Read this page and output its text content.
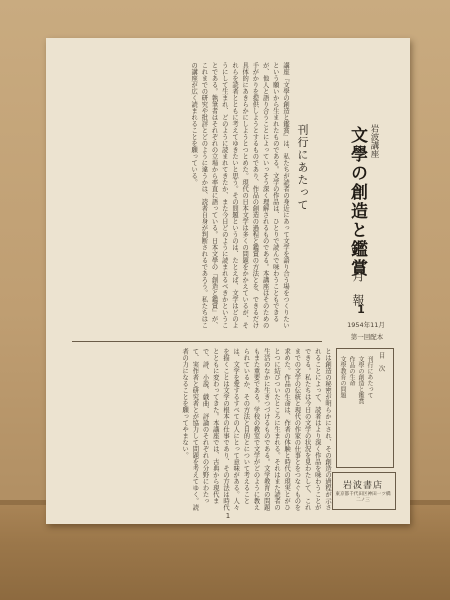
岩波講座
文學の創造と鑑賞
月　報
1
1954年11月
第一回配本
刊行にあたって
講座『文學の創造と鑑賞』は、私たちが読者の身近にあって文学を語り合う場をつくりたいという願いから生まれたものである。文学の作品は、ひとりで読んで味わうこともできるが、他人と語り合うことによっていっそう深く理解されるものである。本講座はそのための手がかりを提供しようとするものであり、作品の創造の過程と鑑賞の方法とを、できるだけ具体的にあきらかにしようとつとめた。現代の日本文学は多くの問題をかかえているが、それらを読者とともに考えてゆきたいと思う。その問題というのは、たとえば、文学はどのようにして生まれ、どのように読まれてきたか、また今日どのように読まれるべきかということである。執筆者はそれぞれの立場から率直に語っている。日本文學の『創造と鑑賞』が、これまでの研究や批評とどのように違うかは、読者自身が判断されるであろう。私たちはこの講座が広く読まれることを願っている。
とは創造の秘密が明らかにされ、その創造の過程が示されることによって、読者はより深く作品を味わうことができる。私たちは今日の文学の状況を見わたして、これまでの文学の伝統と現代の作家の仕事とをつなぐものを求めた。作品の生命は、作者の体験と時代の現実とがひとつに結びついたところに生まれる。それはまた読者の生活のなかに生きつづけるものである。文学教育の問題もまた重要である。学校の教室で文学がどのように教えられているか、その方法と目的とについて考えることは、文学を愛するすべての人にとって意味がある。人々を描くことは文学の根本の仕事であり、その方法は時代とともに変わってきた。本講座では、古典から現代まで、詩、小説、戯曲、評論のそれぞれの分野にわたって、実作者と研究者とが協力して問題を考えてゆく。読者の力になることを願ってやまない。	目　次
刊行にあたって
文學の創造と鑑賞
作品の生命
文學教育の問題
岩波書店
東京都千代田区神田一ツ橋二ノ三
1
